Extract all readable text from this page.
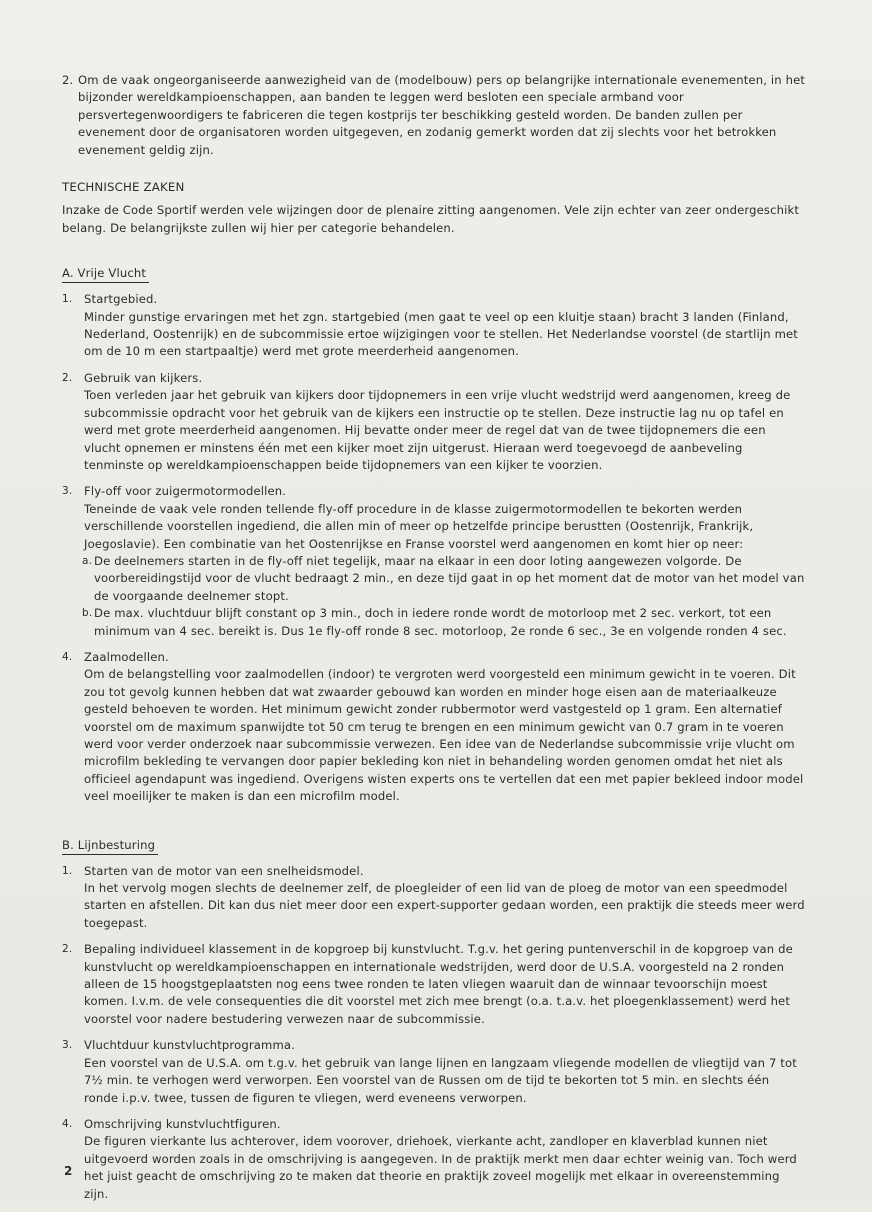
2. Om de vaak ongeorganiseerde aanwezigheid van de (modelbouw) pers op belangrijke internationale evenementen, in het bijzonder wereldkampioenschappen, aan banden te leggen werd besloten een speciale armband voor persvertegenwoordigers te fabriceren die tegen kostprijs ter beschikking gesteld worden. De banden zullen per evenement door de organisatoren worden uitgegeven, en zodanig gemerkt worden dat zij slechts voor het betrokken evenement geldig zijn.

TECHNISCHE ZAKEN

Inzake de Code Sportif werden vele wijzingen door de plenaire zitting aangenomen. Vele zijn echter van zeer ondergeschikt belang. De belangrijkste zullen wij hier per categorie behandelen.

A. Vrije Vlucht
1.	Startgebied.

Minder gunstige ervaringen met het zgn. startgebied (men gaat te veel op een kluitje staan) bracht 3 landen (Finland, Nederland, Oostenrijk) en de subcommissie ertoe wijzigingen voor te stellen. Het Nederlandse voorstel (de startlijn met om de 10 m een startpaaltje) werd met grote meerderheid aangenomen.

2.	Gebruik van kijkers.

Toen verleden jaar het gebruik van kijkers door tijdopnemers in een vrije vlucht wedstrijd werd aangenomen, kreeg de subcommissie opdracht voor het gebruik van de kijkers een instructie op te stellen. Deze instructie lag nu op tafel en werd met grote meerderheid aangenomen. Hij bevatte onder meer de regel dat van de twee tijdopnemers die een vlucht opnemen er minstens één met een kijker moet zijn uitgerust. Hieraan werd toegevoegd de aanbeveling tenminste op wereldkampioenschappen beide tijdopnemers van een kijker te voorzien.

3.	Fly-off voor zuigermotormodellen.

Teneinde de vaak vele ronden tellende fly-off procedure in de klasse zuigermotormodellen te bekorten werden verschillende voorstellen ingediend, die allen min of meer op hetzelfde principe berustten (Oostenrijk, Frankrijk, Joegoslavie). Een combinatie van het Oostenrijkse en Franse voorstel werd aangenomen en komt hier op neer:

a. De deelnemers starten in de fly-off niet tegelijk, maar na elkaar in een door loting aangewezen volgorde. De voorbereidingstijd voor de vlucht bedraagt 2 min., en deze tijd gaat in op het moment dat de motor van het model van de voorgaande deelnemer stopt.

b. De max. vluchtduur blijft constant op 3 min., doch in iedere ronde wordt de motorloop met 2 sec. verkort, tot een minimum van 4 sec. bereikt is. Dus 1e fly-off ronde 8 sec. motorloop, 2e ronde 6 sec., 3e en volgende ronden 4 sec.

4.	Zaalmodellen.

Om de belangstelling voor zaalmodellen (indoor) te vergroten werd voorgesteld een minimum gewicht in te voeren. Dit zou tot gevolg kunnen hebben dat wat zwaarder gebouwd kan worden en minder hoge eisen aan de materiaalkeuze gesteld behoeven te worden. Het minimum gewicht zonder rubbermotor werd vastgesteld op 1 gram. Een alternatief voorstel om de maximum spanwijdte tot 50 cm terug te brengen en een minimum gewicht van 0.7 gram in te voeren werd voor verder onderzoek naar subcommissie verwezen. Een idee van de Nederlandse subcommissie vrije vlucht om microfilm bekleding te vervangen door papier bekleding kon niet in behandeling worden genomen omdat het niet als officieel agendapunt was ingediend. Overigens wisten experts ons te vertellen dat een met papier bekleed indoor model veel moeilijker te maken is dan een microfilm model.

B. Lijnbesturing
1.	Starten van de motor van een snelheidsmodel.

In het vervolg mogen slechts de deelnemer zelf, de ploegleider of een lid van de ploeg de motor van een speedmodel starten en afstellen. Dit kan dus niet meer door een expert-supporter gedaan worden, een praktijk die steeds meer werd toegepast.

2.	Bepaling individueel klassement in de kopgroep bij kunstvlucht. T.g.v. het gering puntenverschil in de kopgroep van de kunstvlucht op wereldkampioenschappen en internationale wedstrijden, werd door de U.S.A. voorgesteld na 2 ronden alleen de 15 hoogstgeplaatsten nog eens twee ronden te laten vliegen waaruit dan de winnaar tevoorschijn moest komen. I.v.m. de vele consequenties die dit voorstel met zich mee brengt (o.a. t.a.v. het ploegenklassement) werd het voorstel voor nadere bestudering verwezen naar de subcommissie.

3.	Vluchtduur kunstvluchtprogramma.

Een voorstel van de U.S.A. om t.g.v. het gebruik van lange lijnen en langzaam vliegende modellen de vliegtijd van 7 tot 7½ min. te verhogen werd verworpen. Een voorstel van de Russen om de tijd te bekorten tot 5 min. en slechts één ronde i.p.v. twee, tussen de figuren te vliegen, werd eveneens verworpen.

4.	Omschrijving kunstvluchtfiguren.

De figuren vierkante lus achterover, idem voorover, driehoek, vierkante acht, zandloper en klaverblad kunnen niet uitgevoerd worden zoals in de omschrijving is aangegeven. In de praktijk merkt men daar echter weinig van. Toch werd het juist geacht de omschrijving zo te maken dat theorie en praktijk zoveel mogelijk met elkaar in overeenstemming zijn.

2
